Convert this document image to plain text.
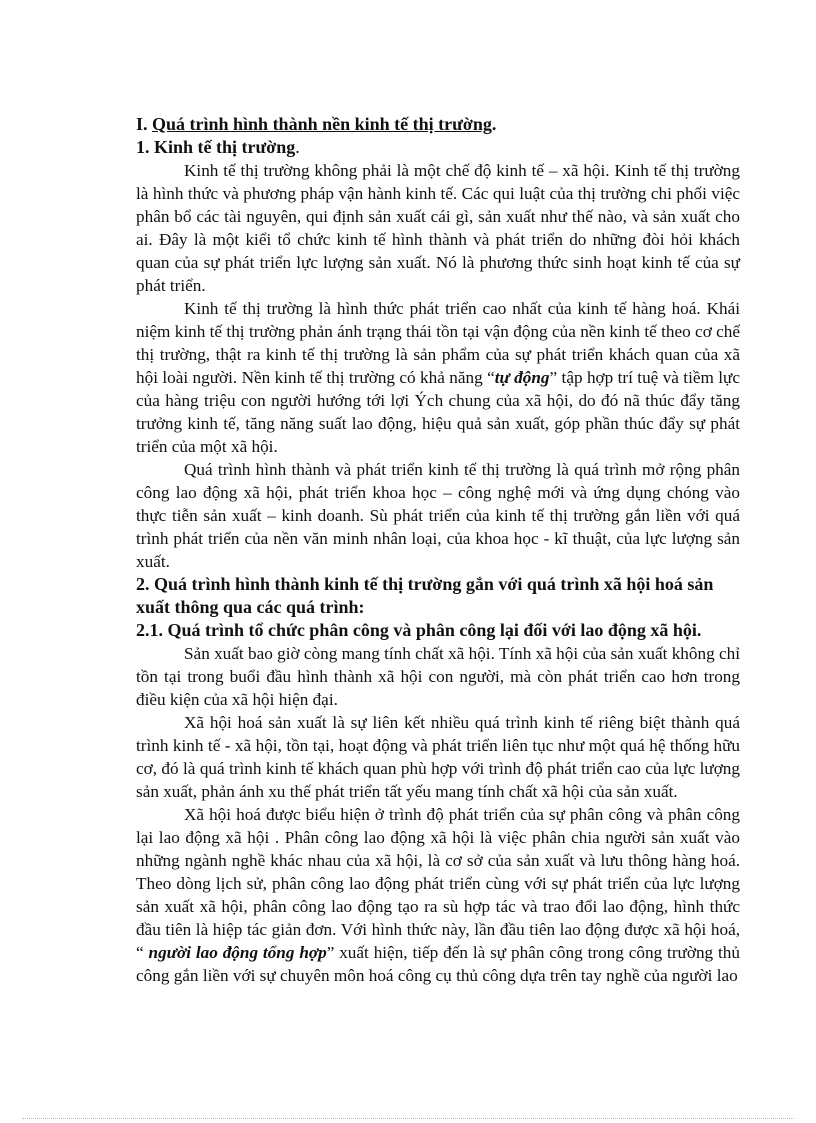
I. Quá trình hình thành nền kinh tế thị trường.

1. Kinh tế thị trường.

Kinh tế thị trường không phải là một chế độ kinh tế – xã hội. Kinh tế thị trường là hình thức và phương pháp vận hành kinh tế. Các qui luật của thị trường chi phối việc phân bổ các tài nguyên, qui định sản xuất cái gì, sản xuất như thế nào, và sản xuất cho ai. Đây là một kiểi tổ chức kinh tế hình thành và phát triển do những đòi hỏi khách quan của sự phát triển lực lượng sản xuất. Nó là phương thức sinh hoạt kinh tế của sự phát triển.

Kinh tế thị trường là hình thức phát triển cao nhất của kinh tế hàng hoá. Khái niệm kinh tế thị trường phản ánh trạng thái tồn tại vận động của nền kinh tế theo cơ chế thị trường, thật ra kinh tế thị trường là sản phẩm của sự phát triển khách quan của xã hội loài người. Nền kinh tế thị trường có khả năng “tự động” tập hợp trí tuệ và tiềm lực của hàng triệu con người hướng tới lợi Ých chung của xã hội, do đó nã thúc đẩy tăng trưởng kinh tế, tăng năng suất lao động, hiệu quả sản xuất, góp phần thúc đẩy sự phát triển của một xã hội.

Quá trình hình thành và phát triển kinh tế thị trường là quá trình mở rộng phân công lao động xã hội, phát triển khoa học – công nghệ mới và ứng dụng chóng vào thực tiễn sản xuất – kinh doanh. Sù phát triển của kinh tế thị trường gắn liền với quá trình phát triển của nền văn minh nhân loại, của khoa học - kĩ thuật, của lực lượng sản xuất.

2. Quá trình hình thành kinh tế thị trường gắn với quá trình xã hội hoá sản xuất thông qua các quá trình:

2.1. Quá trình tổ chức phân công và phân công lại đối với lao động xã hội.

Sản xuất bao giờ còng mang tính chất xã hội. Tính xã hội của sản xuất không chỉ tồn tại trong buổi đầu hình thành xã hội con người, mà còn phát triển cao hơn trong điều kiện của xã hội hiện đại.

Xã hội hoá sản xuất là sự liên kết nhiều quá trình kinh tế riêng biệt thành quá trình kinh tế - xã hội, tồn tại, hoạt động và phát triển liên tục như một quá hệ thống hữu cơ, đó là quá trình kinh tế khách quan phù hợp với trình độ phát triển cao của lực lượng sản xuất, phản ánh xu thế phát triển tất yếu mang tính chất xã hội của sản xuất.

Xã hội hoá được biểu hiện ở trình độ phát triển của sự phân công và phân công lại lao động xã hội . Phân công lao động xã hội là việc phân chia người sản xuất vào những ngành nghề khác nhau của xã hội, là cơ sở của sản xuất và lưu thông hàng hoá. Theo dòng lịch sử, phân công lao động phát triển cùng với sự phát triển của lực lượng sản xuất xã hội, phân công lao động tạo ra sù hợp tác và trao đổi lao động, hình thức đầu tiên là hiệp tác giản đơn. Với hình thức này, lần đầu tiên lao động được xã hội hoá, “ người lao động tổng hợp” xuất hiện, tiếp đến là sự phân công trong công trường thủ công gắn liền với sự chuyên môn hoá công cụ thủ công dựa trên tay nghề của người lao
